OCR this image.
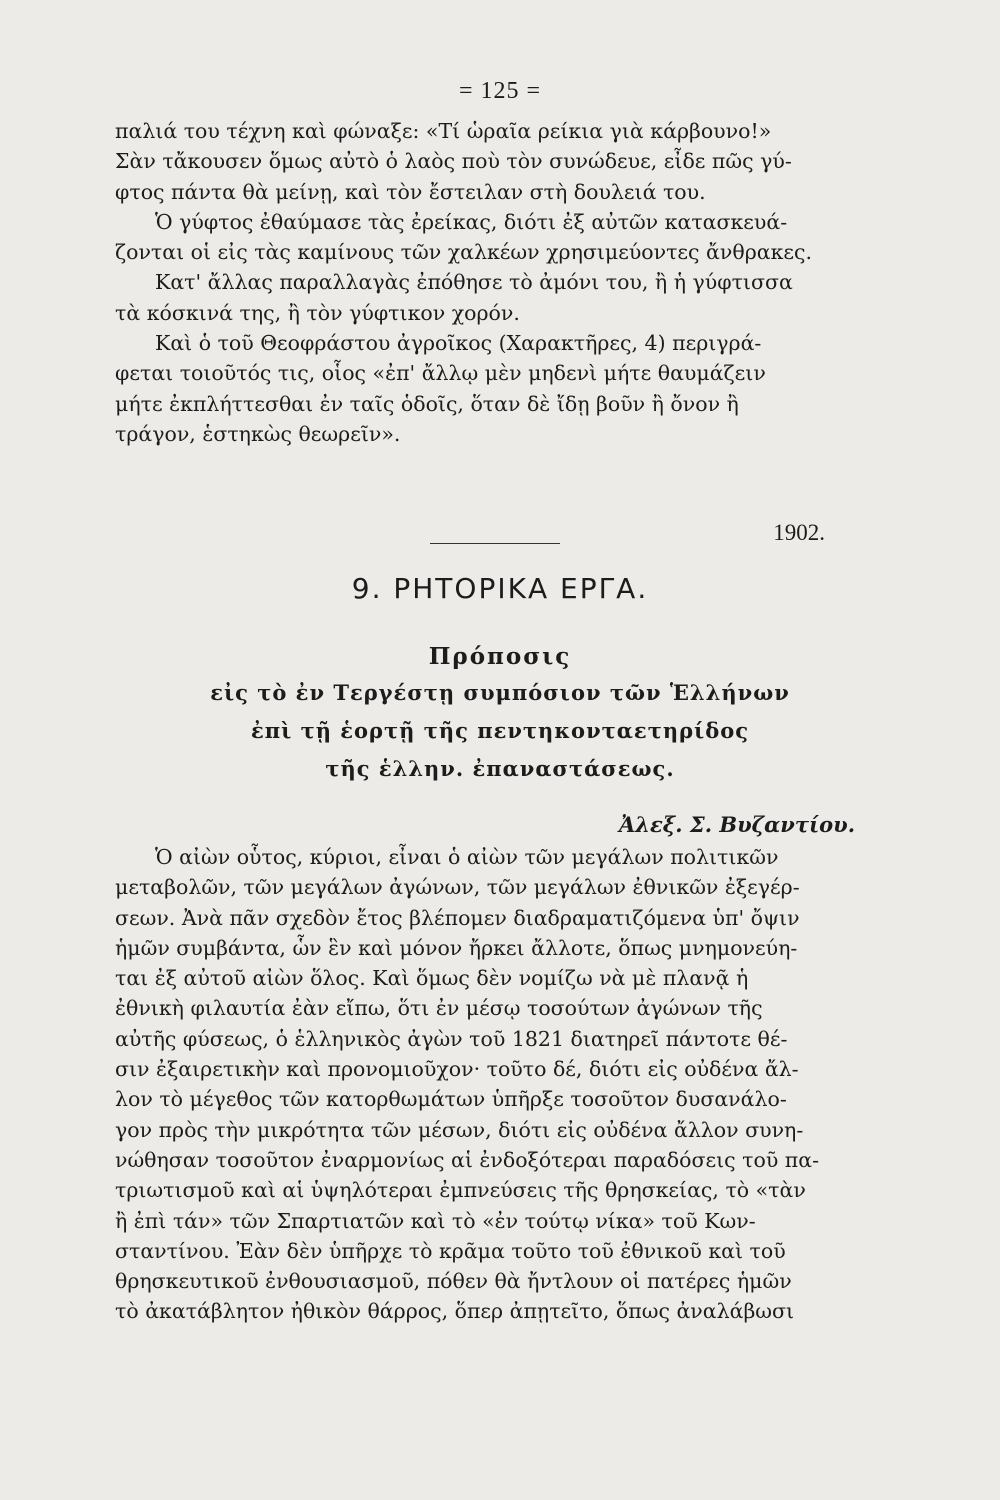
= 125 =
παλιά του τέχνη καὶ φώναξε: «Τί ὡραῖα ρείκια γιὰ κάρβουνο!»
Σὰν τἄκουσεν ὅμως αὐτὸ ὁ λαὸς ποὺ τὸν συνώδευε, εἶδε πῶς γύ-
φτος πάντα θὰ μείνῃ, καὶ τὸν ἔστειλαν στὴ δουλειά του.
Ὁ γύφτος ἐθαύμασε τὰς ἐρείκας, διότι ἐξ αὐτῶν κατασκευά-
ζονται οἱ εἰς τὰς καμίνους τῶν χαλκέων χρησιμεύοντες ἄνθρακες.
Κατ' ἄλλας παραλλαγὰς ἐπόθησε τὸ ἀμόνι του, ἢ ἡ γύφτισσα
τὰ κόσκινά της, ἢ τὸν γύφτικον χορόν.
Καὶ ὁ τοῦ Θεοφράστου ἀγροῖκος (Χαρακτῆρες, 4) περιγρά-
φεται τοιοῦτός τις, οἷος «ἐπ' ἄλλῳ μὲν μηδενὶ μήτε θαυμάζειν
μήτε ἐκπλήττεσθαι ἐν ταῖς ὁδοῖς, ὅταν δὲ ἴδῃ βοῦν ἢ ὄνον ἢ
τράγον, ἑστηκὼς θεωρεῖν».
1902.
9. ΡΗΤΟΡΙΚΑ ΕΡΓΑ.
Πρόποσις
εἰς τὸ ἐν Τεργέστῃ συμπόσιον τῶν Ἑλλήνων
ἐπὶ τῇ ἑορτῇ τῆς πεντηκονταετηρίδος
τῆς ἑλλην. ἐπαναστάσεως.
Ἀλεξ. Σ. Βυζαντίου.
Ὁ αἰὼν οὗτος, κύριοι, εἶναι ὁ αἰὼν τῶν μεγάλων πολιτικῶν
μεταβολῶν, τῶν μεγάλων ἀγώνων, τῶν μεγάλων ἐθνικῶν ἐξεγέρ-
σεων. Ἀνὰ πᾶν σχεδὸν ἔτος βλέπομεν διαδραματιζόμενα ὑπ' ὄψιν
ἡμῶν συμβάντα, ὧν ἓν καὶ μόνον ἤρκει ἄλλοτε, ὅπως μνημονεύη-
ται ἐξ αὐτοῦ αἰὼν ὅλος. Καὶ ὅμως δὲν νομίζω νὰ μὲ πλανᾷ ἡ
ἐθνικὴ φιλαυτία ἐὰν εἴπω, ὅτι ἐν μέσῳ τοσούτων ἀγώνων τῆς
αὐτῆς φύσεως, ὁ ἑλληνικὸς ἀγὼν τοῦ 1821 διατηρεῖ πάντοτε θέ-
σιν ἐξαιρετικὴν καὶ προνομιοῦχον· τοῦτο δέ, διότι εἰς οὐδένα ἄλ-
λον τὸ μέγεθος τῶν κατορθωμάτων ὑπῆρξε τοσοῦτον δυσανάλο-
γον πρὸς τὴν μικρότητα τῶν μέσων, διότι εἰς οὐδένα ἄλλον συνη-
νώθησαν τοσοῦτον ἐναρμονίως αἱ ἐνδοξότεραι παραδόσεις τοῦ πα-
τριωτισμοῦ καὶ αἱ ὑψηλότεραι ἐμπνεύσεις τῆς θρησκείας, τὸ «τὰν
ἢ ἐπὶ τάν» τῶν Σπαρτιατῶν καὶ τὸ «ἐν τούτῳ νίκα» τοῦ Κων-
σταντίνου. Ἐὰν δὲν ὑπῆρχε τὸ κρᾶμα τοῦτο τοῦ ἐθνικοῦ καὶ τοῦ
θρησκευτικοῦ ἐνθουσιασμοῦ, πόθεν θὰ ἤντλουν οἱ πατέρες ἡμῶν
τὸ ἀκατάβλητον ἠθικὸν θάρρος, ὅπερ ἀπῃτεῖτο, ὅπως ἀναλάβωσι
